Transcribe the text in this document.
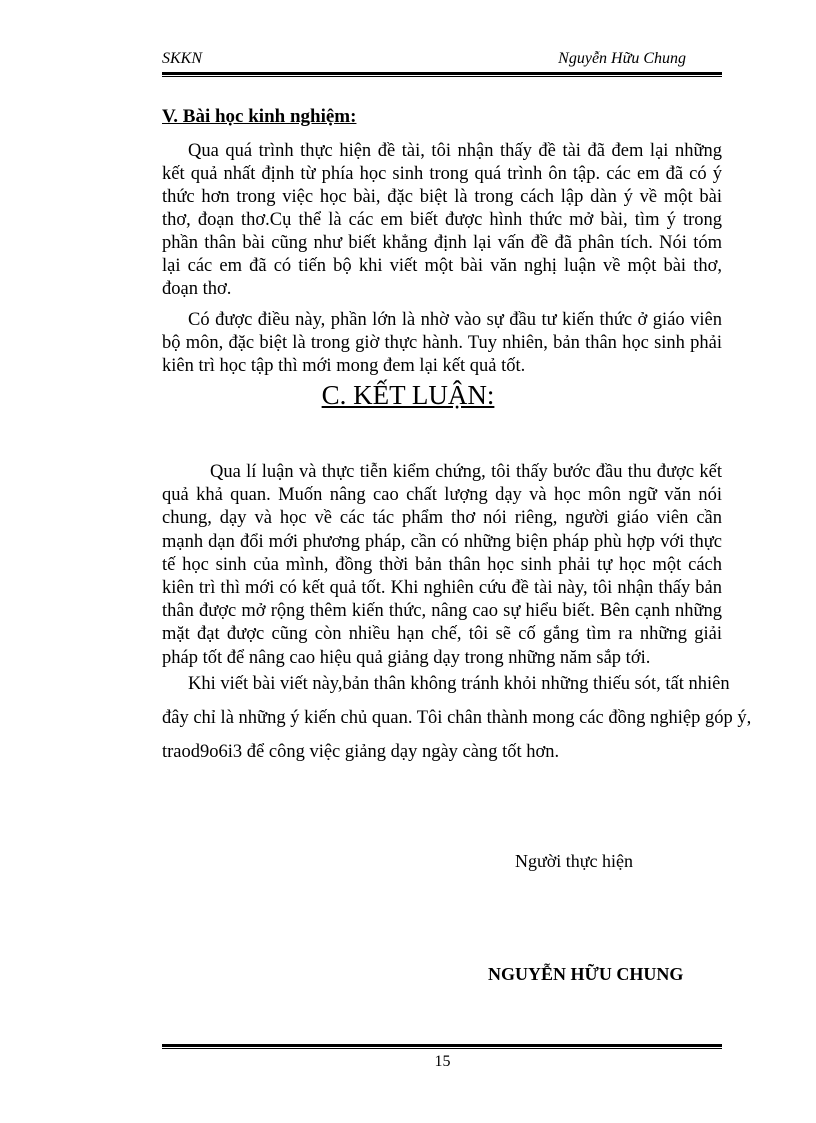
SKKN	Nguyễn Hữu Chung
V. Bài học kinh nghiệm:
Qua quá trình thực hiện đề tài, tôi nhận thấy đề tài đã đem lại những
kết quả nhất định từ phía học sinh trong quá trình ôn tập. các em đã có ý
thức hơn trong việc học bài, đặc biệt là trong cách lập dàn ý về một bài
thơ, đoạn thơ.Cụ thể là các em biết được hình thức mở bài, tìm ý trong
phần thân bài cũng như biết khẳng định lại vấn đề đã phân tích. Nói tóm
lại các em đã có tiến bộ khi viết một bài văn nghị luận về một bài thơ,
đoạn thơ.
Có được điều này, phần lớn là nhờ vào sự đầu tư kiến thức ở giáo viên
bộ môn, đặc biệt là trong giờ thực hành. Tuy nhiên, bản thân học sinh phải
kiên trì học tập thì mới mong đem lại kết quả tốt.
C. KẾT LUẬN:
Qua lí luận và thực tiễn kiểm chứng, tôi thấy bước đầu thu được kết
quả khả quan. Muốn nâng cao chất lượng dạy và học môn ngữ văn nói
chung, dạy và học về các tác phẩm thơ nói riêng, người giáo viên cần
mạnh dạn đổi mới phương pháp, cần có những biện pháp phù hợp với thực
tế học sinh của mình, đồng thời bản thân học sinh phải tự học một cách
kiên trì thì mới có kết quả tốt. Khi nghiên cứu đề tài này, tôi nhận thấy bản
thân được mở rộng thêm kiến thức, nâng cao sự hiểu biết. Bên cạnh những
mặt đạt được cũng còn nhiều hạn chế, tôi sẽ cố gắng tìm ra những giải
pháp tốt để nâng cao hiệu quả giảng dạy trong những năm sắp tới.
Khi viết bài viết này,bản thân không tránh khỏi những thiếu sót, tất nhiên
đây chỉ là những ý kiến chủ quan. Tôi chân thành mong các đồng nghiệp góp ý,
traod9o6i3 để công việc giảng dạy ngày càng tốt hơn.
Người thực hiện
NGUYỄN HỮU CHUNG
15
